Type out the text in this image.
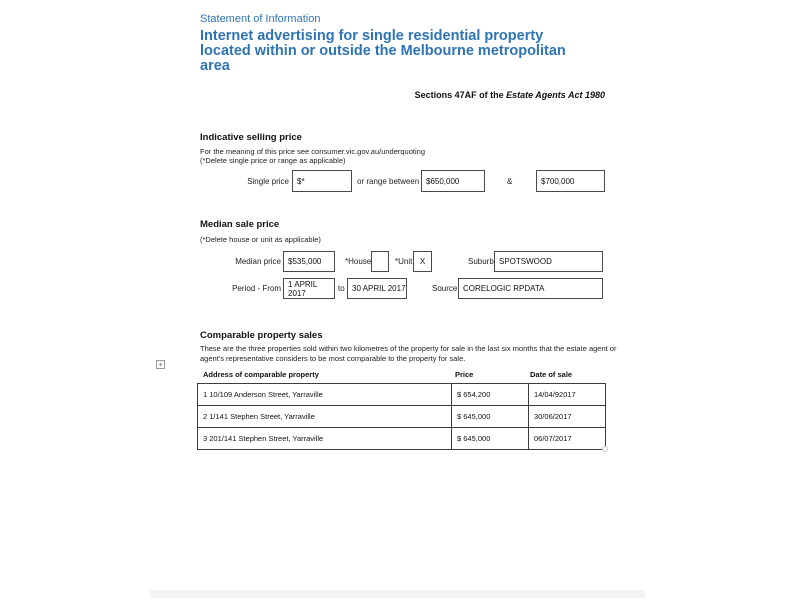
Statement of Information
Internet advertising for single residential property
located within or outside the Melbourne metropolitan
area
Sections 47AF of the Estate Agents Act 1980
Indicative selling price
For the meaning of this price see consumer.vic.gov.au/underquoting
(*Delete single price or range as applicable)
Single price	$*	or range between $650,000	&	$700,000
Median sale price
(*Delete house or unit as applicable)
Median price $535,000	*House	*Unit X	Suburb SPOTSWOOD
Period - From 1 APRIL 2017	to 30 APRIL 2017	Source CORELOGIC RPDATA
Comparable property sales
These are the three properties sold within two kilometres of the property for sale in the last six months that the estate agent or agent's representative considers to be most comparable to the property for sale.
+
Address of comparable property	Price	Date of sale
1 10/109 Anderson Street, Yarraville	$ 654,200	14/04/92017
2 1/141 Stephen Street, Yarraville	$ 645,000	30/06/2017
3 201/141 Stephen Street, Yarraville	$ 645,000	06/07/2017
